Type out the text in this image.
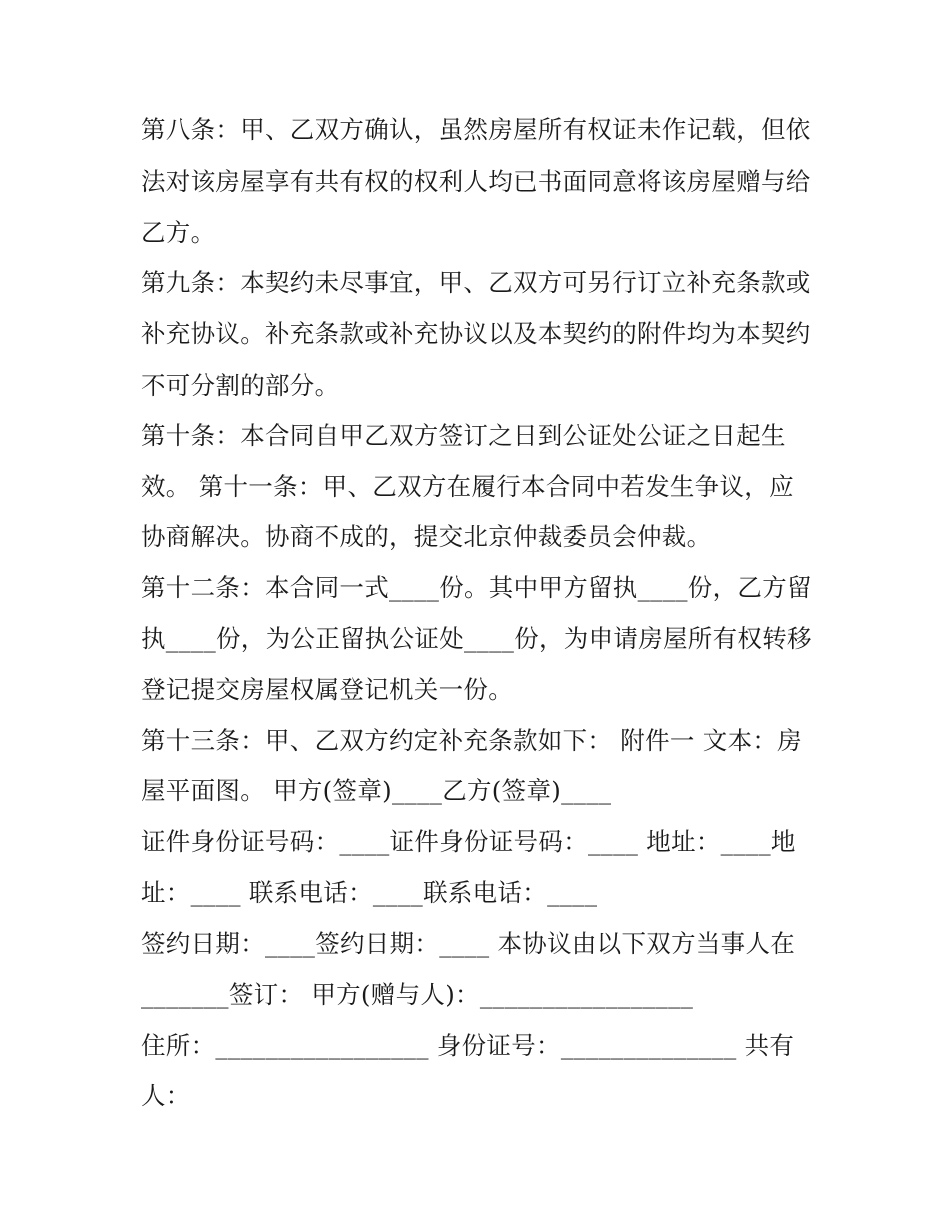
第八条：甲、乙双方确认，虽然房屋所有权证未作记载，但依
法对该房屋享有共有权的权利人均已书面同意将该房屋赠与给
乙方。
第九条：本契约未尽事宜，甲、乙双方可另行订立补充条款或
补充协议。补充条款或补充协议以及本契约的附件均为本契约
不可分割的部分。
第十条：本合同自甲乙双方签订之日到公证处公证之日起生
效。 第十一条：甲、乙双方在履行本合同中若发生争议，应
协商解决。协商不成的，提交北京仲裁委员会仲裁。
第十二条：本合同一式____份。其中甲方留执____份，乙方留
执____份，为公正留执公证处____份，为申请房屋所有权转移
登记提交房屋权属登记机关一份。
第十三条：甲、乙双方约定补充条款如下： 附件一 文本：房
屋平面图。 甲方(签章)____乙方(签章)____
证件身份证号码：____证件身份证号码：____ 地址：____地
址：____ 联系电话：____联系电话：____
签约日期：____签约日期：____ 本协议由以下双方当事人在
_______签订： 甲方(赠与人)：_________________
住所：_________________ 身份证号：______________ 共有
人：
